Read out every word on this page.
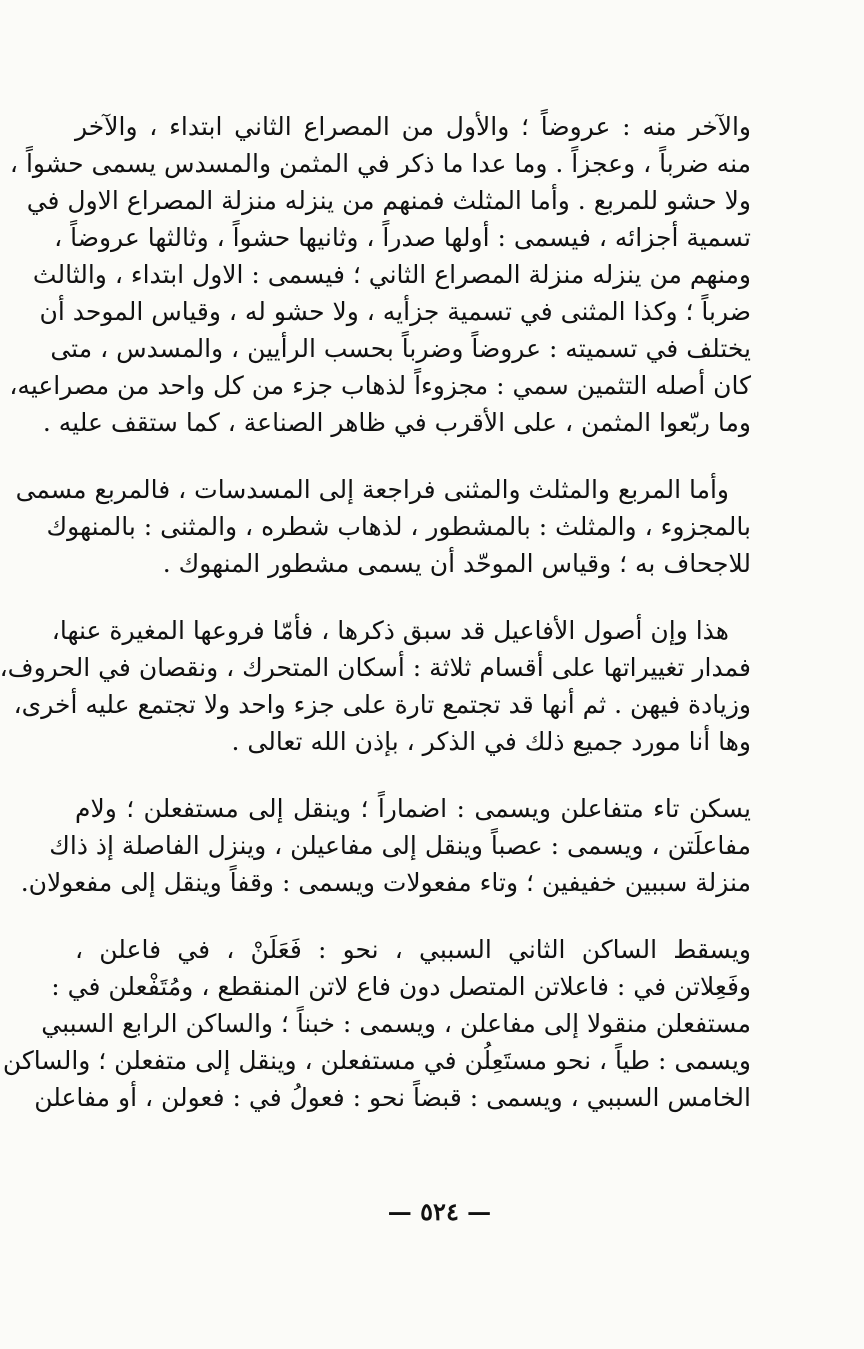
والآخر منه : عروضاً ؛ والأول من المصراع الثاني ابتداء ، والآخر
منه ضرباً ، وعجزاً . وما عدا ما ذكر في المثمن والمسدس يسمى حشواً ،
ولا حشو للمربع . وأما المثلث فمنهم من ينزله منزلة المصراع الاول في
تسمية أجزائه ، فيسمى : أولها صدراً ، وثانيها حشواً ، وثالثها عروضاً ،
ومنهم من ينزله منزلة المصراع الثاني ؛ فيسمى : الاول ابتداء ، والثالث
ضرباً ؛ وكذا المثنى في تسمية جزأيه ، ولا حشو له ، وقياس الموحد أن
يختلف في تسميته : عروضاً وضرباً بحسب الرأيين ، والمسدس ، متى
كان أصله التثمين سمي : مجزوءاً لذهاب جزء من كل واحد من مصراعيه،
وما ربّعوا المثمن ، على الأقرب في ظاهر الصناعة ، كما ستقف عليه .
وأما المربع والمثلث والمثنى فراجعة إلى المسدسات ، فالمربع مسمى
بالمجزوء ، والمثلث : بالمشطور ، لذهاب شطره ، والمثنى : بالمنهوك
للاجحاف به ؛ وقياس الموحّد أن يسمى مشطور المنهوك .
هذا وإن أصول الأفاعيل قد سبق ذكرها ، فأمّا فروعها المغيرة عنها،
فمدار تغييراتها على أقسام ثلاثة : أسكان المتحرك ، ونقصان في الحروف،
وزيادة فيهن . ثم أنها قد تجتمع تارة على جزء واحد ولا تجتمع عليه أخرى،
وها أنا مورد جميع ذلك في الذكر ، بإذن الله تعالى .
يسكن تاء متفاعلن ويسمى : اضماراً ؛ وينقل إلى مستفعلن ؛ ولام
مفاعلَتن ، ويسمى : عصباً وينقل إلى مفاعيلن ، وينزل الفاصلة إذ ذاك
منزلة سببين خفيفين ؛ وتاء مفعولات ويسمى : وقفاً وينقل إلى مفعولان.
ويسقط الساكن الثاني السببي ، نحو : فَعَلَنْ ، في فاعلن ،
وفَعِلاتن في : فاعلاتن المتصل دون فاع لاتن المنقطع ، ومُتَفْعلن في :
مستفعلن منقولا إلى مفاعلن ، ويسمى : خبناً ؛ والساكن الرابع السببي
ويسمى : طياً ، نحو مستَعِلُن في مستفعلن ، وينقل إلى متفعلن ؛ والساكن
الخامس السببي ، ويسمى : قبضاً نحو : فعولُ في : فعولن ، أو مفاعلن
— ٥٢٤ —
